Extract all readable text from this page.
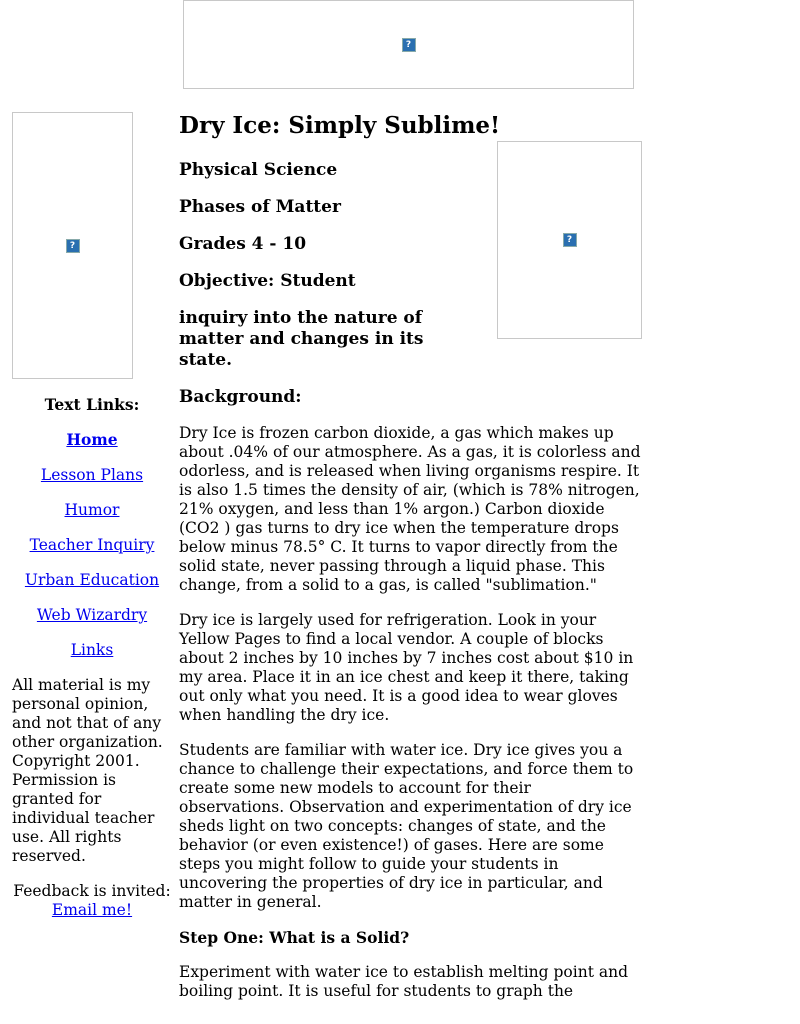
?
?
?
Text Links:
Home
Lesson Plans
Humor
Teacher Inquiry
Urban Education
Web Wizardry
Links

All material is my personal opinion, and not that of any other organization. Copyright 2001. Permission is granted for individual teacher use. All rights reserved.

Feedback is invited: Email me!

Dry Ice: Simply Sublime!
Physical Science
Phases of Matter
Grades 4 - 10
Objective: Student
inquiry into the nature of matter and changes in its state.
Background:

Dry Ice is frozen carbon dioxide, a gas which makes up about .04% of our atmosphere. As a gas, it is colorless and odorless, and is released when living organisms respire. It is also 1.5 times the density of air, (which is 78% nitrogen, 21% oxygen, and less than 1% argon.) Carbon dioxide (CO2 ) gas turns to dry ice when the temperature drops below minus 78.5° C. It turns to vapor directly from the solid state, never passing through a liquid phase. This change, from a solid to a gas, is called "sublimation."

Dry ice is largely used for refrigeration. Look in your Yellow Pages to find a local vendor. A couple of blocks about 2 inches by 10 inches by 7 inches cost about $10 in my area. Place it in an ice chest and keep it there, taking out only what you need. It is a good idea to wear gloves when handling the dry ice.

Students are familiar with water ice. Dry ice gives you a chance to challenge their expectations, and force them to create some new models to account for their observations. Observation and experimentation of dry ice sheds light on two concepts: changes of state, and the behavior (or even existence!) of gases. Here are some steps you might follow to guide your students in uncovering the properties of dry ice in particular, and matter in general.

Step One: What is a Solid?

Experiment with water ice to establish melting point and boiling point. It is useful for students to graph the
